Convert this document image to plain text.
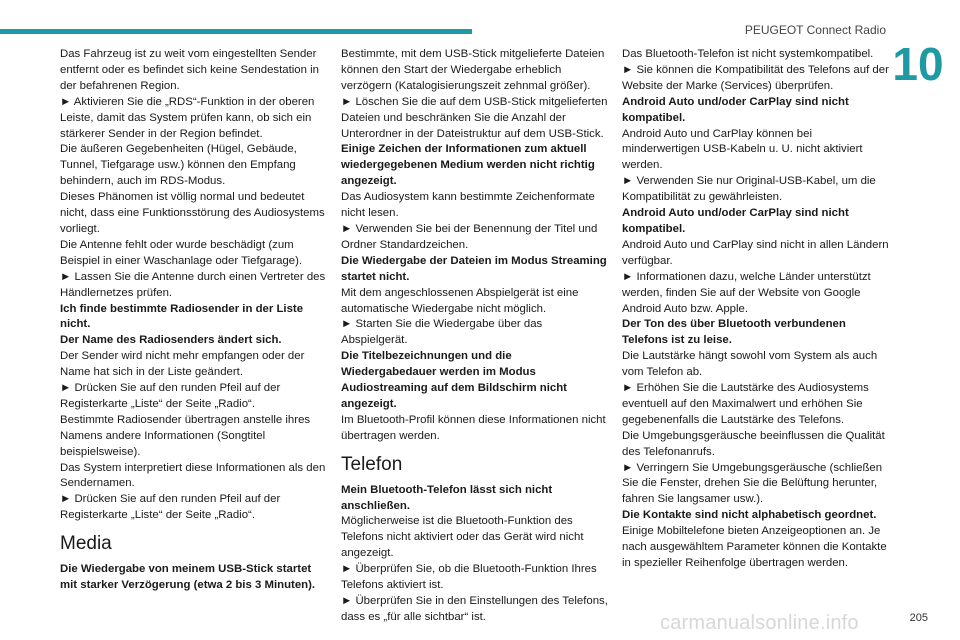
PEUGEOT Connect Radio
10

Das Fahrzeug ist zu weit vom eingestellten Sender entfernt oder es befindet sich keine Sendestation in der befahrenen Region.

► Aktivieren Sie die „RDS“-Funktion in der oberen Leiste, damit das System prüfen kann, ob sich ein stärkerer Sender in der Region befindet.

Die äußeren Gegebenheiten (Hügel, Gebäude, Tunnel, Tiefgarage usw.) können den Empfang behindern, auch im RDS-Modus.

Dieses Phänomen ist völlig normal und bedeutet nicht, dass eine Funktionsstörung des Audiosystems vorliegt.

Die Antenne fehlt oder wurde beschädigt (zum Beispiel in einer Waschanlage oder Tiefgarage).

► Lassen Sie die Antenne durch einen Vertreter des Händlernetzes prüfen.

Ich finde bestimmte Radiosender in der Liste nicht.

Der Name des Radiosenders ändert sich.

Der Sender wird nicht mehr empfangen oder der Name hat sich in der Liste geändert.

► Drücken Sie auf den runden Pfeil auf der Registerkarte „Liste“ der Seite „Radio“.

Bestimmte Radiosender übertragen anstelle ihres Namens andere Informationen (Songtitel beispielsweise).

Das System interpretiert diese Informationen als den Sendernamen.

► Drücken Sie auf den runden Pfeil auf der Registerkarte „Liste“ der Seite „Radio“.

Media

Die Wiedergabe von meinem USB-Stick startet mit starker Verzögerung (etwa 2 bis 3 Minuten).

Bestimmte, mit dem USB-Stick mitgelieferte Dateien können den Start der Wiedergabe erheblich verzögern (Katalogisierungszeit zehnmal größer).

► Löschen Sie die auf dem USB-Stick mitgelieferten Dateien und beschränken Sie die Anzahl der Unterordner in der Dateistruktur auf dem USB-Stick.

Einige Zeichen der Informationen zum aktuell wiedergegebenen Medium werden nicht richtig angezeigt.

Das Audiosystem kann bestimmte Zeichenformate nicht lesen.

► Verwenden Sie bei der Benennung der Titel und Ordner Standardzeichen.

Die Wiedergabe der Dateien im Modus Streaming startet nicht.

Mit dem angeschlossenen Abspielgerät ist eine automatische Wiedergabe nicht möglich.

► Starten Sie die Wiedergabe über das Abspielgerät.

Die Titelbezeichnungen und die Wiedergabedauer werden im Modus Audiostreaming auf dem Bildschirm nicht angezeigt.

Im Bluetooth-Profil können diese Informationen nicht übertragen werden.

Telefon

Mein Bluetooth-Telefon lässt sich nicht anschließen.

Möglicherweise ist die Bluetooth-Funktion des Telefons nicht aktiviert oder das Gerät wird nicht angezeigt.

► Überprüfen Sie, ob die Bluetooth-Funktion Ihres Telefons aktiviert ist.

► Überprüfen Sie in den Einstellungen des Telefons, dass es „für alle sichtbar“ ist.

Das Bluetooth-Telefon ist nicht systemkompatibel.

► Sie können die Kompatibilität des Telefons auf der Website der Marke (Services) überprüfen.

Android Auto und/oder CarPlay sind nicht kompatibel.

Android Auto und CarPlay können bei minderwertigen USB-Kabeln u. U. nicht aktiviert werden.

► Verwenden Sie nur Original-USB-Kabel, um die Kompatibilität zu gewährleisten.

Android Auto und/oder CarPlay sind nicht kompatibel.

Android Auto und CarPlay sind nicht in allen Ländern verfügbar.

► Informationen dazu, welche Länder unterstützt werden, finden Sie auf der Website von Google Android Auto bzw. Apple.

Der Ton des über Bluetooth verbundenen Telefons ist zu leise.

Die Lautstärke hängt sowohl vom System als auch vom Telefon ab.

► Erhöhen Sie die Lautstärke des Audiosystems eventuell auf den Maximalwert und erhöhen Sie gegebenenfalls die Lautstärke des Telefons.

Die Umgebungsgeräusche beeinflussen die Qualität des Telefonanrufs.

► Verringern Sie Umgebungsgeräusche (schließen Sie die Fenster, drehen Sie die Belüftung herunter, fahren Sie langsamer usw.).

Die Kontakte sind nicht alphabetisch geordnet.

Einige Mobiltelefone bieten Anzeigeoptionen an. Je nach ausgewähltem Parameter können die Kontakte in spezieller Reihenfolge übertragen werden.

carmanualsonline.info	205
